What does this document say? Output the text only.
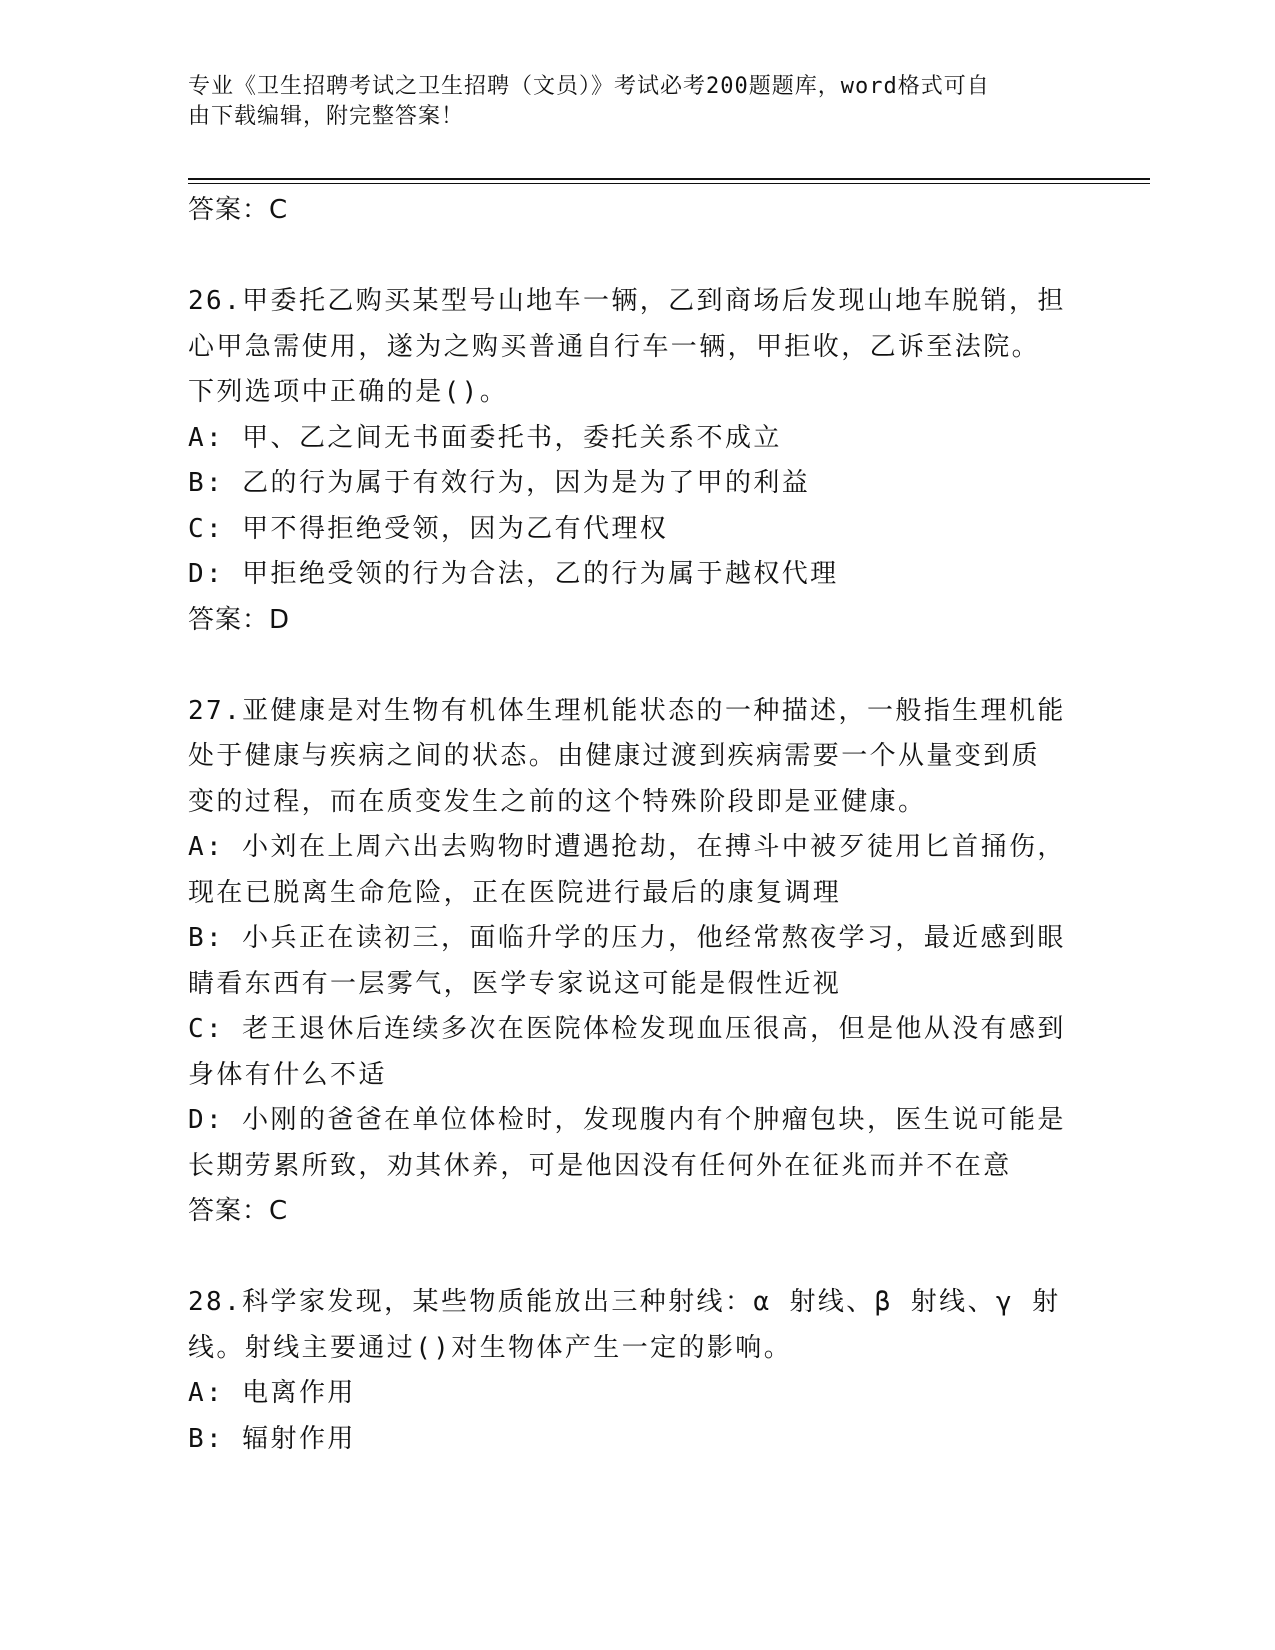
专业《卫生招聘考试之卫生招聘（文员）》考试必考200题题库，word格式可自
由下载编辑，附完整答案！
答案：C
26.甲委托乙购买某型号山地车一辆，乙到商场后发现山地车脱销，担
心甲急需使用，遂为之购买普通自行车一辆，甲拒收，乙诉至法院。
下列选项中正确的是()。
A: 甲、乙之间无书面委托书，委托关系不成立
B: 乙的行为属于有效行为，因为是为了甲的利益
C: 甲不得拒绝受领，因为乙有代理权
D: 甲拒绝受领的行为合法，乙的行为属于越权代理
答案：D
27.亚健康是对生物有机体生理机能状态的一种描述，一般指生理机能
处于健康与疾病之间的状态。由健康过渡到疾病需要一个从量变到质
变的过程，而在质变发生之前的这个特殊阶段即是亚健康。
A: 小刘在上周六出去购物时遭遇抢劫，在搏斗中被歹徒用匕首捅伤，
现在已脱离生命危险，正在医院进行最后的康复调理
B: 小兵正在读初三，面临升学的压力，他经常熬夜学习，最近感到眼
睛看东西有一层雾气，医学专家说这可能是假性近视
C: 老王退休后连续多次在医院体检发现血压很高，但是他从没有感到
身体有什么不适
D: 小刚的爸爸在单位体检时，发现腹内有个肿瘤包块，医生说可能是
长期劳累所致，劝其休养，可是他因没有任何外在征兆而并不在意
答案：C
28.科学家发现，某些物质能放出三种射线：α 射线、β 射线、γ 射
线。射线主要通过()对生物体产生一定的影响。
A: 电离作用
B: 辐射作用
